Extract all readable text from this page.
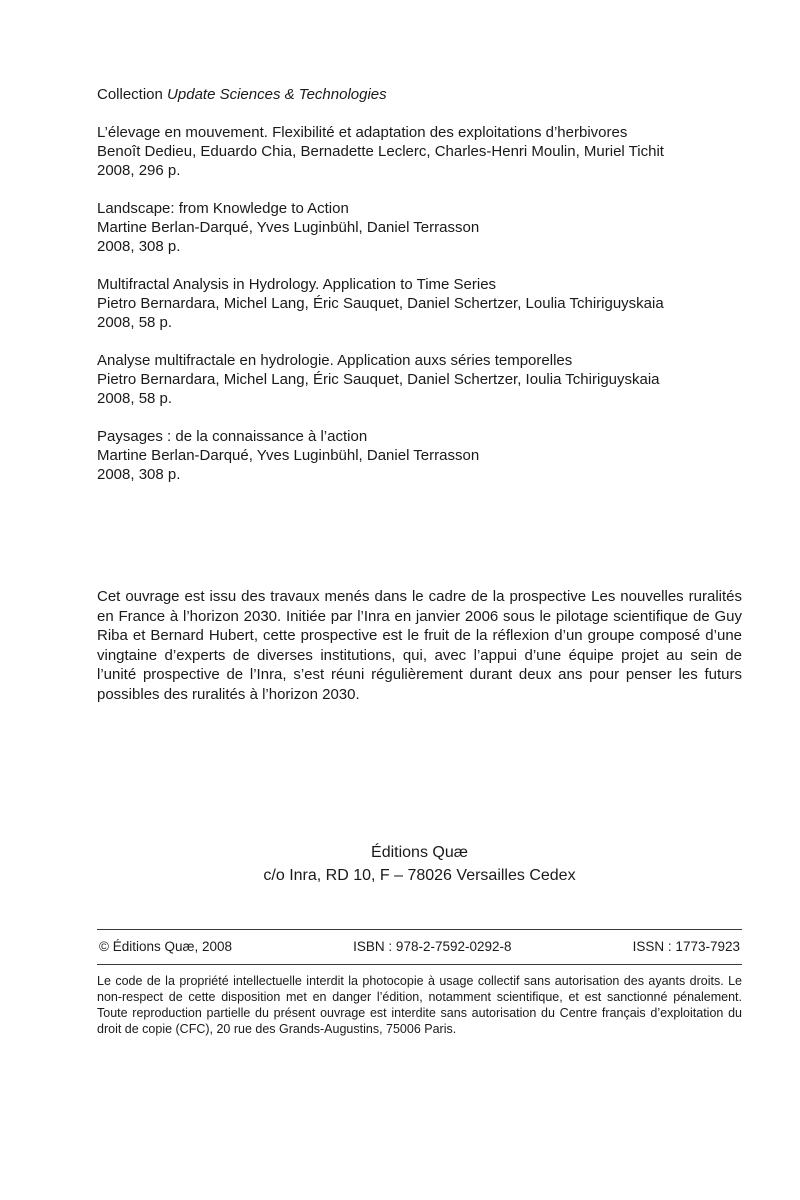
Collection Update Sciences & Technologies
L’élevage en mouvement. Flexibilité et adaptation des exploitations d’herbivores
Benoît Dedieu, Eduardo Chia, Bernadette Leclerc, Charles-Henri Moulin, Muriel Tichit
2008, 296 p.
Landscape: from Knowledge to Action
Martine Berlan-Darqué, Yves Luginbühl, Daniel Terrasson
2008, 308 p.
Multifractal Analysis in Hydrology. Application to Time Series
Pietro Bernardara, Michel Lang, Éric Sauquet, Daniel Schertzer, Loulia Tchiriguyskaia
2008, 58 p.
Analyse multifractale en hydrologie. Application auxs séries temporelles
Pietro Bernardara, Michel Lang, Éric Sauquet, Daniel Schertzer, Ioulia Tchiriguyskaia
2008, 58 p.
Paysages : de la connaissance à l’action
Martine Berlan-Darqué, Yves Luginbühl, Daniel Terrasson
2008, 308 p.
Cet ouvrage est issu des travaux menés dans le cadre de la prospective Les nouvelles ruralités en France à l’horizon 2030. Initiée par l’Inra en janvier 2006 sous le pilotage scientifique de Guy Riba et Bernard Hubert, cette prospective est le fruit de la réflexion d’un groupe composé d’une vingtaine d’experts de diverses institutions, qui, avec l’appui d’une équipe projet au sein de l’unité prospective de l’Inra, s’est réuni régulièrement durant deux ans pour penser les futurs possibles des ruralités à l’horizon 2030.
Éditions Quæ
c/o Inra, RD 10, F – 78026 Versailles Cedex
© Éditions Quæ, 2008	ISBN : 978-2-7592-0292-8	ISSN : 1773-7923
Le code de la propriété intellectuelle interdit la photocopie à usage collectif sans autorisation des ayants droits. Le non-respect de cette disposition met en danger l’édition, notamment scientifique, et est sanctionné pénalement. Toute reproduction partielle du présent ouvrage est interdite sans autorisation du Centre français d’exploitation du droit de copie (CFC), 20 rue des Grands-Augustins, 75006 Paris.
